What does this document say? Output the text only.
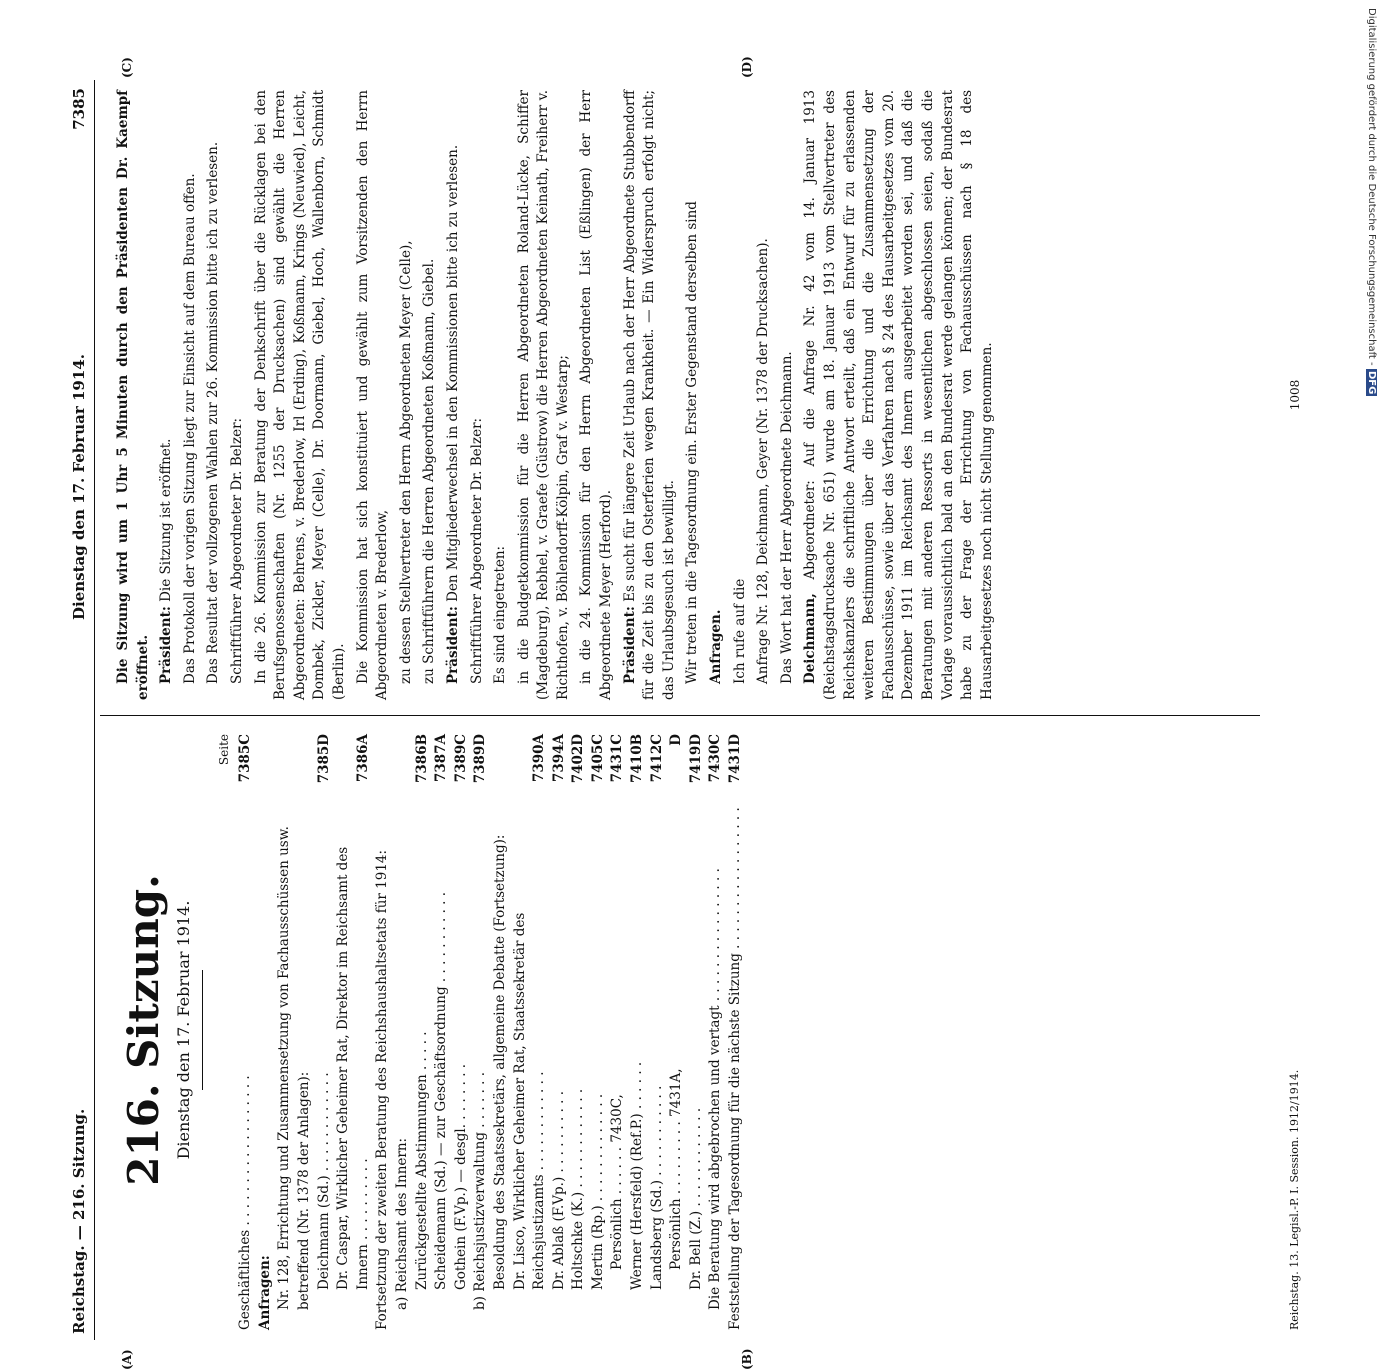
Digitalisierung gefördert durch die Deutsche Forschungsgemeinschaft - DFG
Reichstag. — 216. Sitzung.
Dienstag den 17. Februar 1914.
7385
(A)	(B)
(C)	(D)
216. Sitzung. Dienstag den 17. Februar 1914.
Seite
Geschäftliches . . . . . . . . . . . . . . . . . .
7385C
Anfragen: Nr. 128, Errichtung und Zusammensetzung von Fachausschüssen usw. betreffend (Nr. 1378 der Anlagen): Deichmann (Sd.) . . . . . . . . . . . .
7385D
Dr. Caspar, Wirklicher Geheimer Rat, Direktor im Reichsamt des Innern . . . . . . . . . .
7386A
Fortsetzung der zweiten Beratung des Reichshaushaltsetats für 1914: a) Reichsamt des Innern: Zurückgestellte Abstimmungen . . . . .
7386B
Scheidemann (Sd.) — zur Geschäftsordnung . . . . . . . . . . .
7387A
Gothein (F.Vp.) — desgl. . . . . . . .
7389C
b) Reichsjustizverwaltung . . . . . . .
7389D
Besoldung des Staatssekretärs, allgemeine Debatte (Fortsetzung): Dr. Lisco, Wirklicher Geheimer Rat, Staatssekretär des Reichsjustizamts . . . . . . . . . . . .
7390A
Dr. Ablaß (F.Vp.) . . . . . . . . . .
7394A
Holtschke (K.) . . . . . . . . . . . .
7402D
Mertin (Rp.) . . . . . . . . . . . . .
7405C
Persönlich . . . . . . 7430C,
7431C
Werner (Hersfeld) (Ref.P.) . . . . . .
7410B
Landsberg (Sd.) . . . . . . . . . . .
7412C
Persönlich . . . . . . . . . 7431A,
D
Dr. Bell (Z.) . . . . . . . . . . . .
7419D
Die Beratung wird abgebrochen und vertagt . . . . . . . . . . . . . . . .
7430C
Feststellung der Tagesordnung für die nächste Sitzung . . . . . . . . . . . . . . . . .
7431D
Die Sitzung wird um 1 Uhr 5 Minuten durch den Präsidenten Dr. Kaempf eröffnet. Präsident: Die Sitzung ist eröffnet. Das Protokoll der vorigen Sitzung liegt zur Einsicht auf dem Bureau offen. Das Resultat der vollzogenen Wahlen zur 26. Kommission bitte ich zu verlesen. Schriftführer Abgeordneter Dr. Belzer: In die 26. Kommission zur Beratung der Denkschrift über die Rücklagen bei den Berufsgenossenschaften (Nr. 1255 der Drucksachen) sind gewählt die Herren Abgeordneten: Behrens, v. Brederlow, Irl (Erding), Koßmann, Krings (Neuwied), Leicht, Dombek, Zickler, Meyer (Celle), Dr. Doormann, Giebel, Hoch, Wallenborn, Schmidt (Berlin). Die Kommission hat sich konstituiert und gewählt zum Vorsitzenden den Herrn Abgeordneten v. Brederlow, zu dessen Stellvertreter den Herrn Abgeordneten Meyer (Celle), zu Schriftführern die Herren Abgeordneten Koßmann, Giebel. Präsident: Den Mitgliederwechsel in den Kommissionen bitte ich zu verlesen. Schriftführer Abgeordneter Dr. Belzer: Es sind eingetreten: in die Budgetkommission für die Herren Abgeordneten Roland-Lücke, Schiffer (Magdeburg), Rebhel, v. Graefe (Güstrow) die Herren Abgeordneten Keinath, Freiherr v. Richthofen, v. Böhlendorff-Kölpin, Graf v. Westarp; in die 24. Kommission für den Herrn Abgeordneten List (Eßlingen) der Herr Abgeordnete Meyer (Herford). Präsident: Es sucht für längere Zeit Urlaub nach der Herr Abgeordnete Stubbendorff für die Zeit bis zu den Osterferien wegen Krankheit. — Ein Widerspruch erfolgt nicht; das Urlaubsgesuch ist bewilligt. Wir treten in die Tagesordnung ein. Erster Gegenstand derselben sind Anfragen. Ich rufe auf die Anfrage Nr. 128, Deichmann, Geyer (Nr. 1378 der Drucksachen). Das Wort hat der Herr Abgeordnete Deichmann. Deichmann, Abgeordneter: Auf die Anfrage Nr. 42 vom 14. Januar 1913 (Reichstagsdrucksache Nr. 651) wurde am 18. Januar 1913 vom Stellvertreter des Reichskanzlers die schriftliche Antwort erteilt, daß ein Entwurf für zu erlassenden weiteren Bestimmungen über die Errichtung und die Zusammensetzung der Fachausschüsse, sowie über das Verfahren nach § 24 des Hausarbeitgesetzes vom 20. Dezember 1911 im Reichsamt des Innern ausgearbeitet worden sei, und daß die Beratungen mit anderen Ressorts in wesentlichen abgeschlossen seien, sodaß die Vorlage voraussichtlich bald an den Bundesrat werde gelangen können; der Bundesrat habe zu der Frage der Errichtung von Fachausschüssen nach § 18 des Hausarbeitgesetzes noch nicht Stellung genommen.
Reichstag. 13. Legisl.-P. I. Session. 1912/1914.
1008
